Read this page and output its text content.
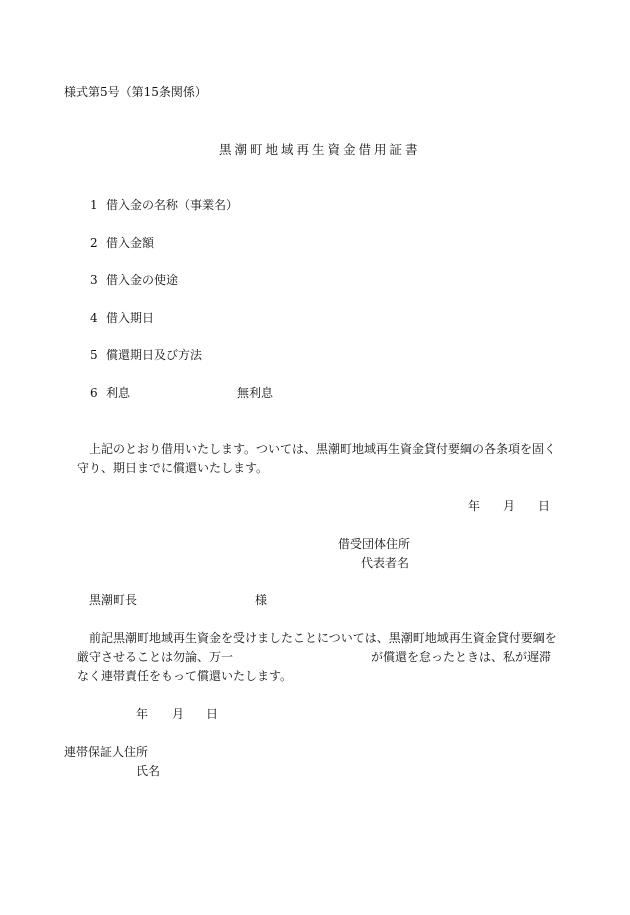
様式第5号（第15条関係）
黒潮町地域再生資金借用証書
1 借入金の名称（事業名）
2 借入金額
3 借入金の使途
4 借入期日
5 償還期日及び方法
6 利息	無利息
上記のとおり借用いたします。ついては、黒潮町地域再生資金貸付要綱の各条項を固く
守り、期日までに償還いたします。
年 月 日
借受団体住所
代表者名
黒潮町長	様
前記黒潮町地域再生資金を受けましたことについては、黒潮町地域再生資金貸付要綱を
厳守させることは勿論、万一	が償還を怠ったときは、私が遅滞
なく連帯責任をもって償還いたします。
年 月 日
連帯保証人住所
氏名
